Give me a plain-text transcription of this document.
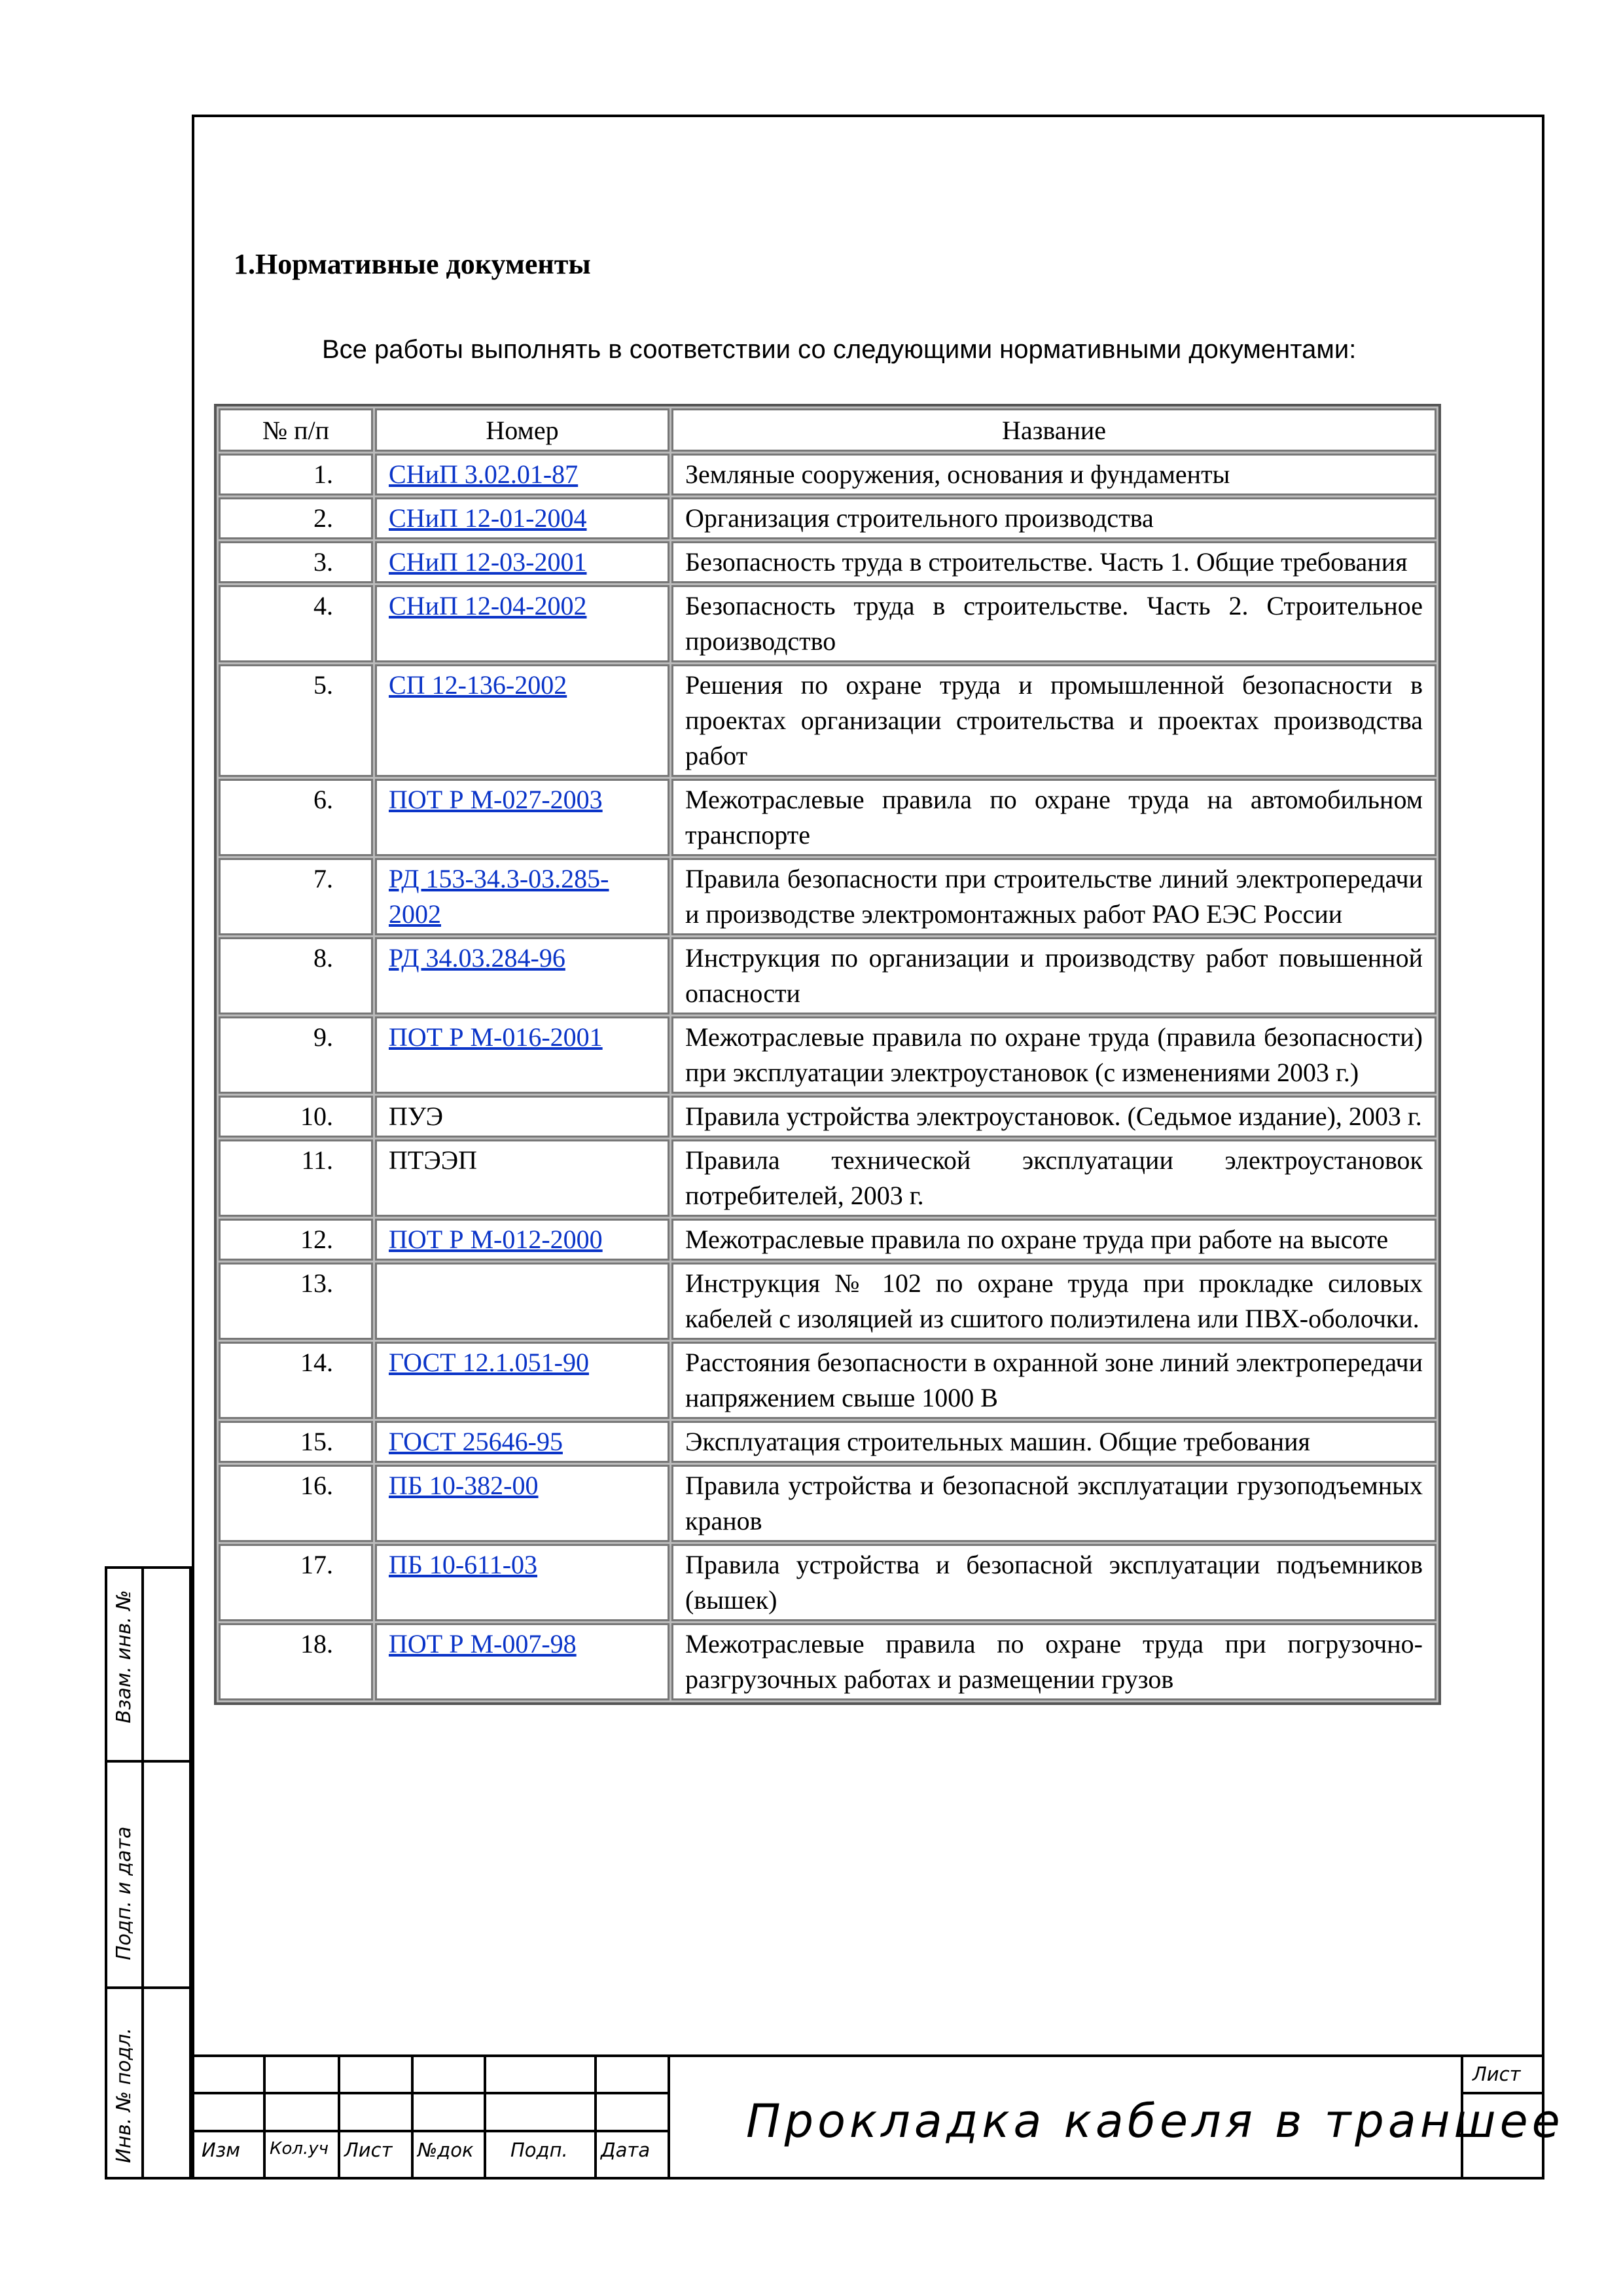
1.Нормативные документы
Все работы выполнять в соответствии со следующими нормативными документами:
№ п/п	Номер	Название
1.	СНиП 3.02.01-87	Земляные сооружения, основания и фундаменты
2.	СНиП 12-01-2004	Организация строительного производства
3.	СНиП 12-03-2001	Безопасность труда в строительстве. Часть 1. Общие требования
4.	СНиП 12-04-2002	Безопасность труда в строительстве. Часть 2. Строительное производство
5.	СП 12-136-2002	Решения по охране труда и промышленной безопасности в проектах организации строительства и проектах производства работ
6.	ПОТ Р М-027-2003	Межотраслевые правила по охране труда на автомобильном транспорте
7.	РД 153-34.3-03.285-2002	Правила безопасности при строительстве линий электропередачи и производстве электромонтажных работ РАО ЕЭС России
8.	РД 34.03.284-96	Инструкция по организации и производству работ повышенной опасности
9.	ПОТ Р М-016-2001	Межотраслевые правила по охране труда (правила безопасности) при эксплуатации электроустановок (с изменениями 2003 г.)
10.	ПУЭ	Правила устройства электроустановок. (Седьмое издание), 2003 г.
11.	ПТЭЭП	Правила технической эксплуатации электроустановок потребителей, 2003 г.
12.	ПОТ Р М-012-2000	Межотраслевые правила по охране труда при работе на высоте
13.		Инструкция № 102 по охране труда при прокладке силовых кабелей с изоляцией из сшитого полиэтилена или ПВХ-оболочки.
14.	ГОСТ 12.1.051-90	Расстояния безопасности в охранной зоне линий электропередачи напряжением свыше 1000 В
15.	ГОСТ 25646-95	Эксплуатация строительных машин. Общие требования
16.	ПБ 10-382-00	Правила устройства и безопасной эксплуатации грузоподъемных кранов
17.	ПБ 10-611-03	Правила устройства и безопасной эксплуатации подъемников (вышек)
18.	ПОТ Р М-007-98	Межотраслевые правила по охране труда при погрузочно-разгрузочных работах и размещении грузов
Взам. инв. №
Подп. и дата
Инв. № подл.	Изм Кол.уч Лист №док Подп. Дата
Прокладка кабеля в траншее
Лист
